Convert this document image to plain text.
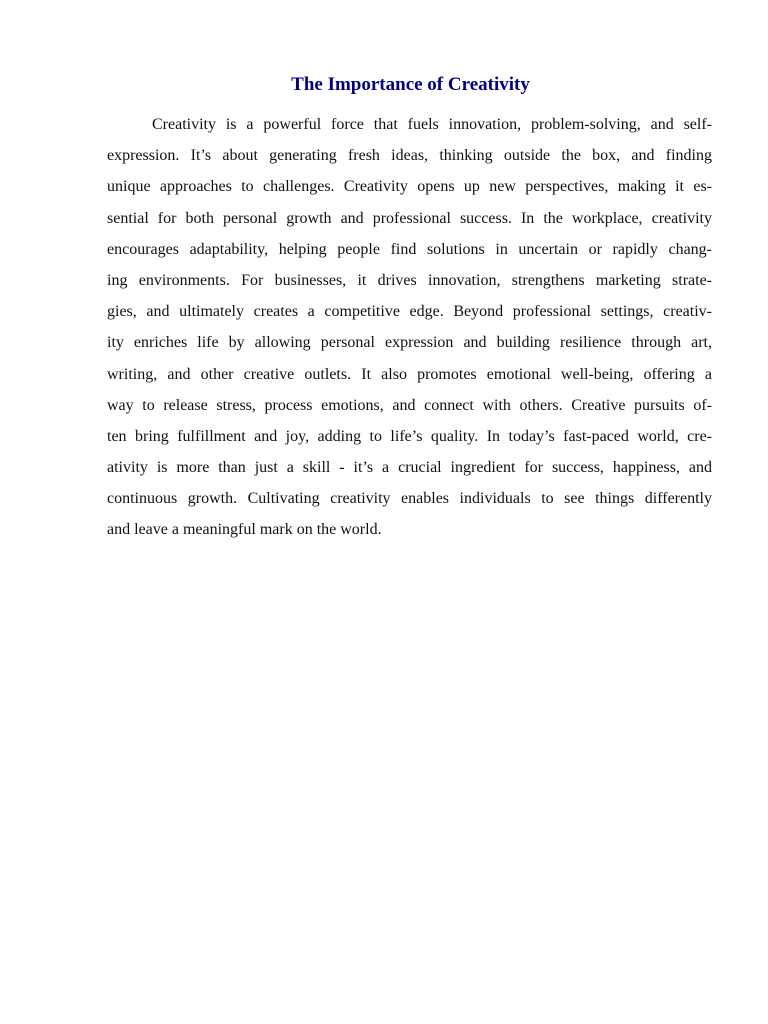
The Importance of Creativity

Creativity is a powerful force that fuels innovation, problem-solving, and self-
expression. It’s about generating fresh ideas, thinking outside the box, and finding
unique approaches to challenges. Creativity opens up new perspectives, making it es-
sential for both personal growth and professional success. In the workplace, creativity
encourages adaptability, helping people find solutions in uncertain or rapidly chang-
ing environments. For businesses, it drives innovation, strengthens marketing strate-
gies, and ultimately creates a competitive edge. Beyond professional settings, creativ-
ity enriches life by allowing personal expression and building resilience through art,
writing, and other creative outlets. It also promotes emotional well-being, offering a
way to release stress, process emotions, and connect with others. Creative pursuits of-
ten bring fulfillment and joy, adding to life’s quality. In today’s fast-paced world, cre-
ativity is more than just a skill - it’s a crucial ingredient for success, happiness, and
continuous growth. Cultivating creativity enables individuals to see things differently
and leave a meaningful mark on the world.
